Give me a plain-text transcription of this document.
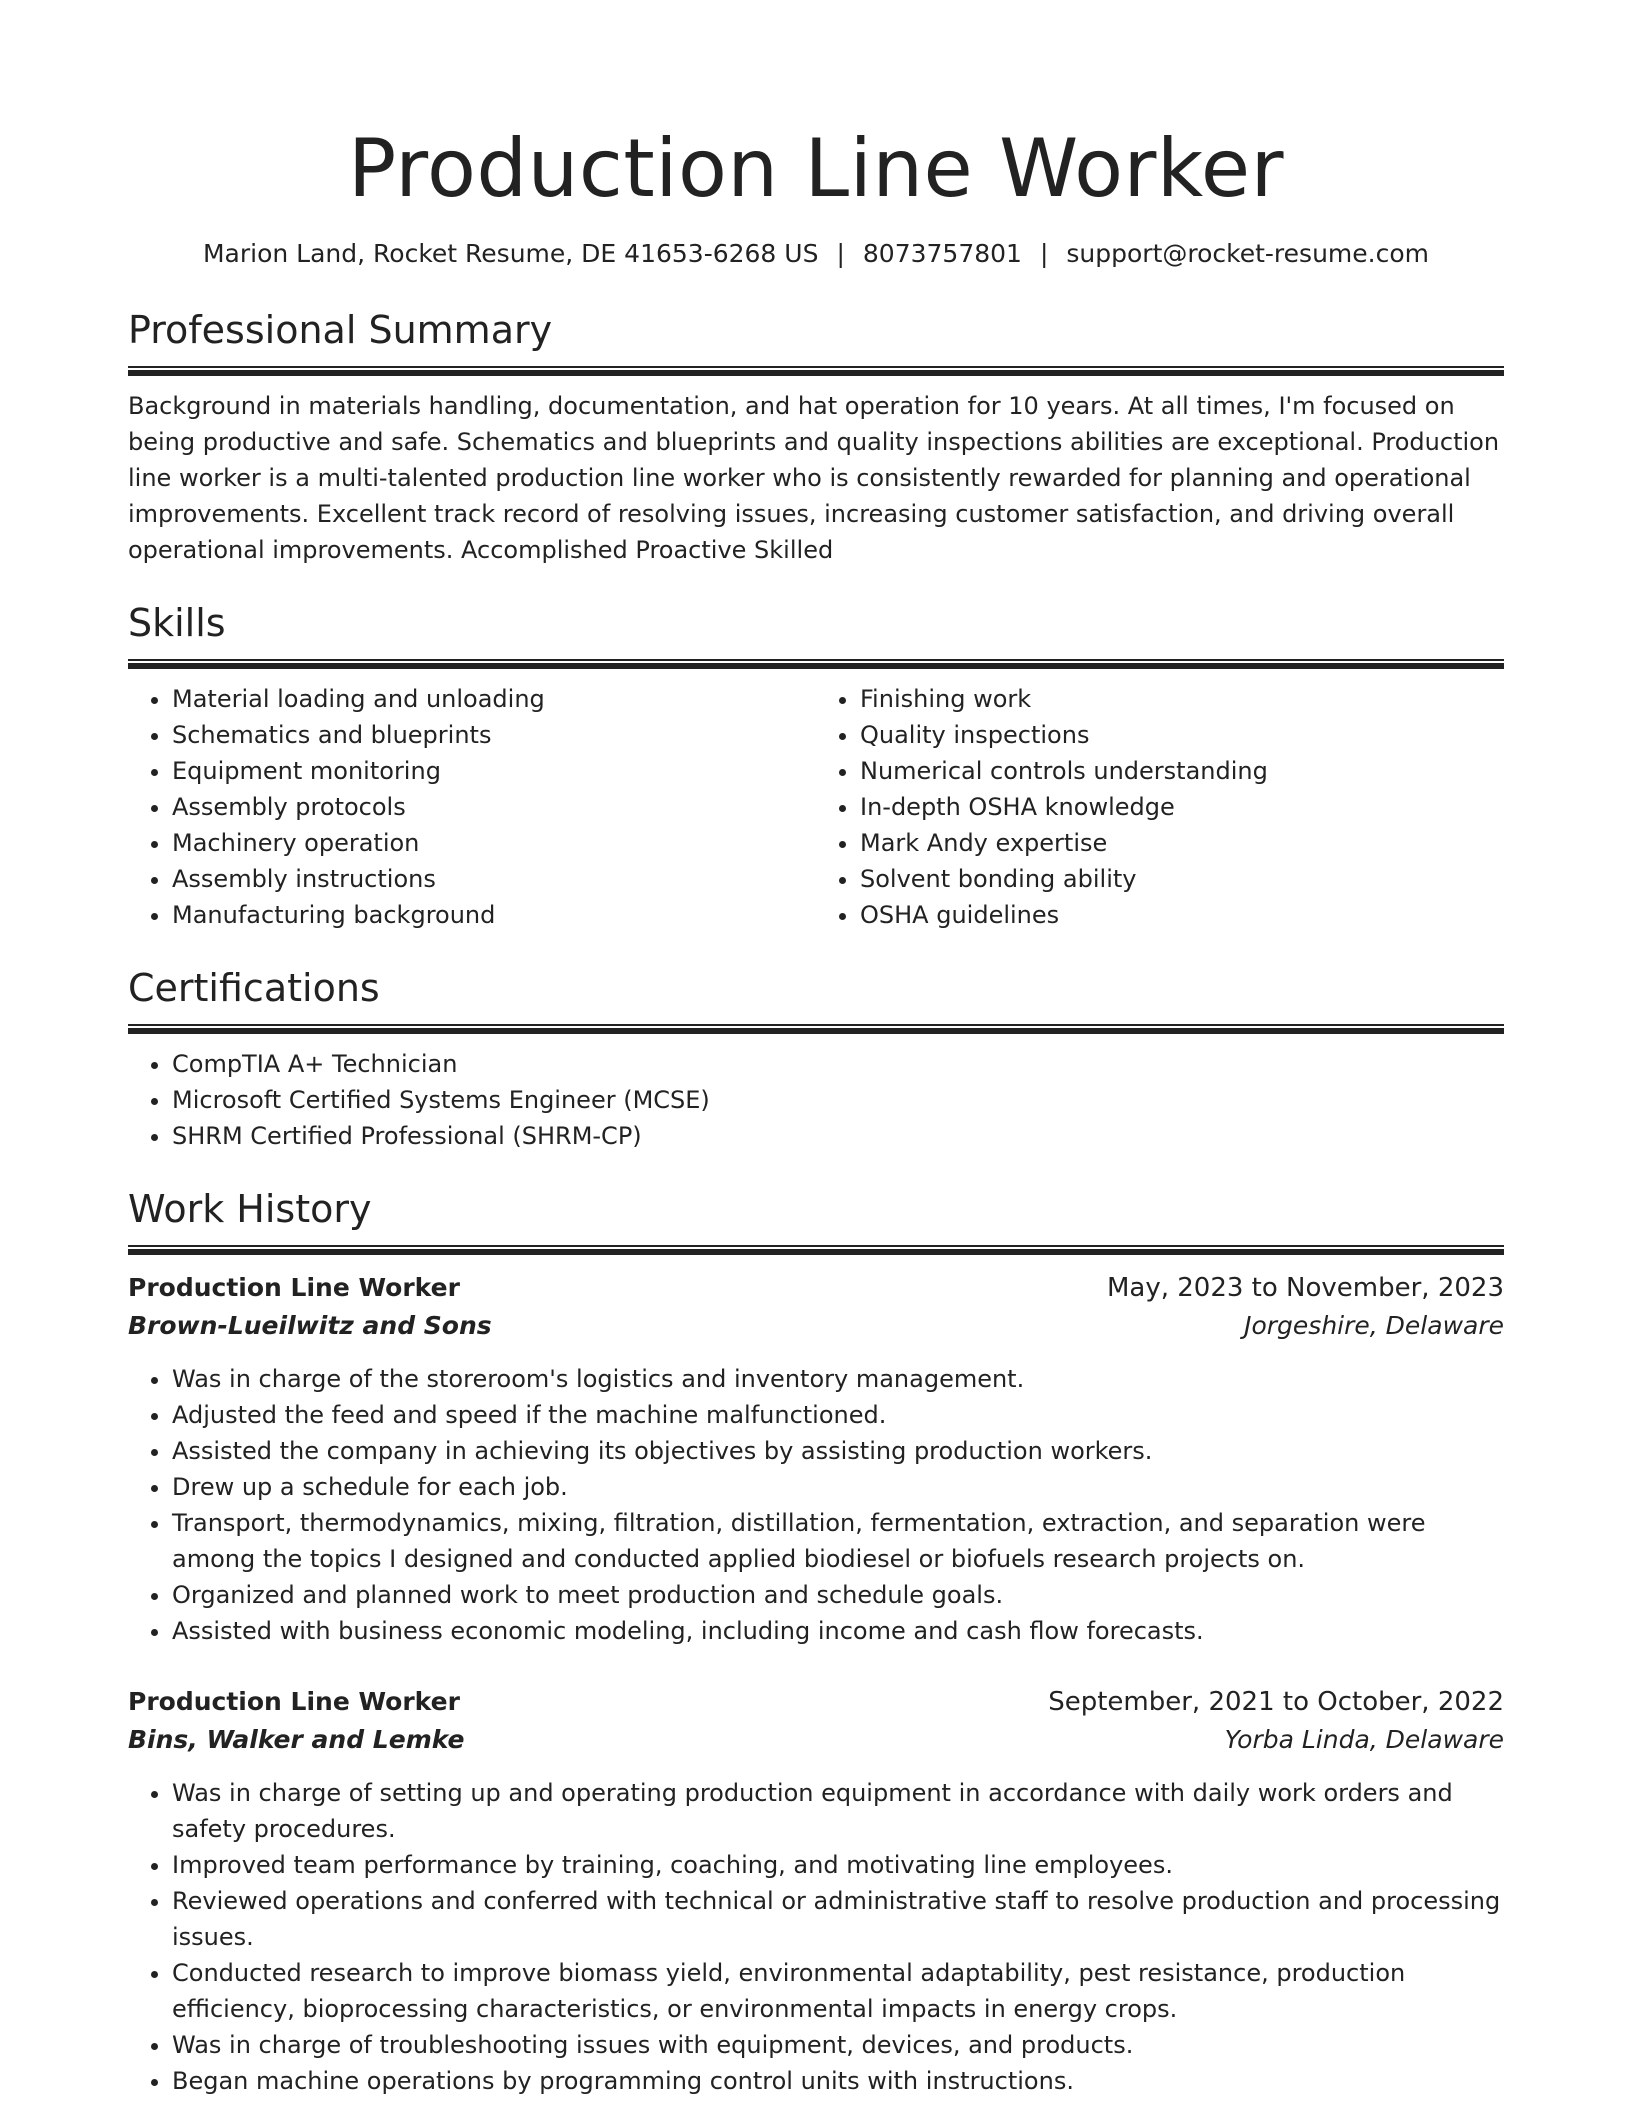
Production Line Worker
Marion Land, Rocket Resume, DE 41653-6268 US | 8073757801 | support@rocket-resume.com
Professional Summary
Background in materials handling, documentation, and hat operation for 10 years. At all times, I'm focused on being productive and safe. Schematics and blueprints and quality inspections abilities are exceptional. Production line worker is a multi-talented production line worker who is consistently rewarded for planning and operational improvements. Excellent track record of resolving issues, increasing customer satisfaction, and driving overall operational improvements. Accomplished Proactive Skilled
Skills
• Material loading and unloading
• Schematics and blueprints
• Equipment monitoring
• Assembly protocols
• Machinery operation
• Assembly instructions
• Manufacturing background
• Finishing work
• Quality inspections
• Numerical controls understanding
• In-depth OSHA knowledge
• Mark Andy expertise
• Solvent bonding ability
• OSHA guidelines
Certifications
• CompTIA A+ Technician
• Microsoft Certified Systems Engineer (MCSE)
• SHRM Certified Professional (SHRM-CP)
Work History
Production Line Worker	May, 2023 to November, 2023
Brown-Lueilwitz and Sons	Jorgeshire, Delaware
• Was in charge of the storeroom's logistics and inventory management.
• Adjusted the feed and speed if the machine malfunctioned.
• Assisted the company in achieving its objectives by assisting production workers.
• Drew up a schedule for each job.
• Transport, thermodynamics, mixing, filtration, distillation, fermentation, extraction, and separation were among the topics I designed and conducted applied biodiesel or biofuels research projects on.
• Organized and planned work to meet production and schedule goals.
• Assisted with business economic modeling, including income and cash flow forecasts.
Production Line Worker	September, 2021 to October, 2022
Bins, Walker and Lemke	Yorba Linda, Delaware
• Was in charge of setting up and operating production equipment in accordance with daily work orders and safety procedures.
• Improved team performance by training, coaching, and motivating line employees.
• Reviewed operations and conferred with technical or administrative staff to resolve production and processing issues.
• Conducted research to improve biomass yield, environmental adaptability, pest resistance, production efficiency, bioprocessing characteristics, or environmental impacts in energy crops.
• Was in charge of troubleshooting issues with equipment, devices, and products.
• Began machine operations by programming control units with instructions.
